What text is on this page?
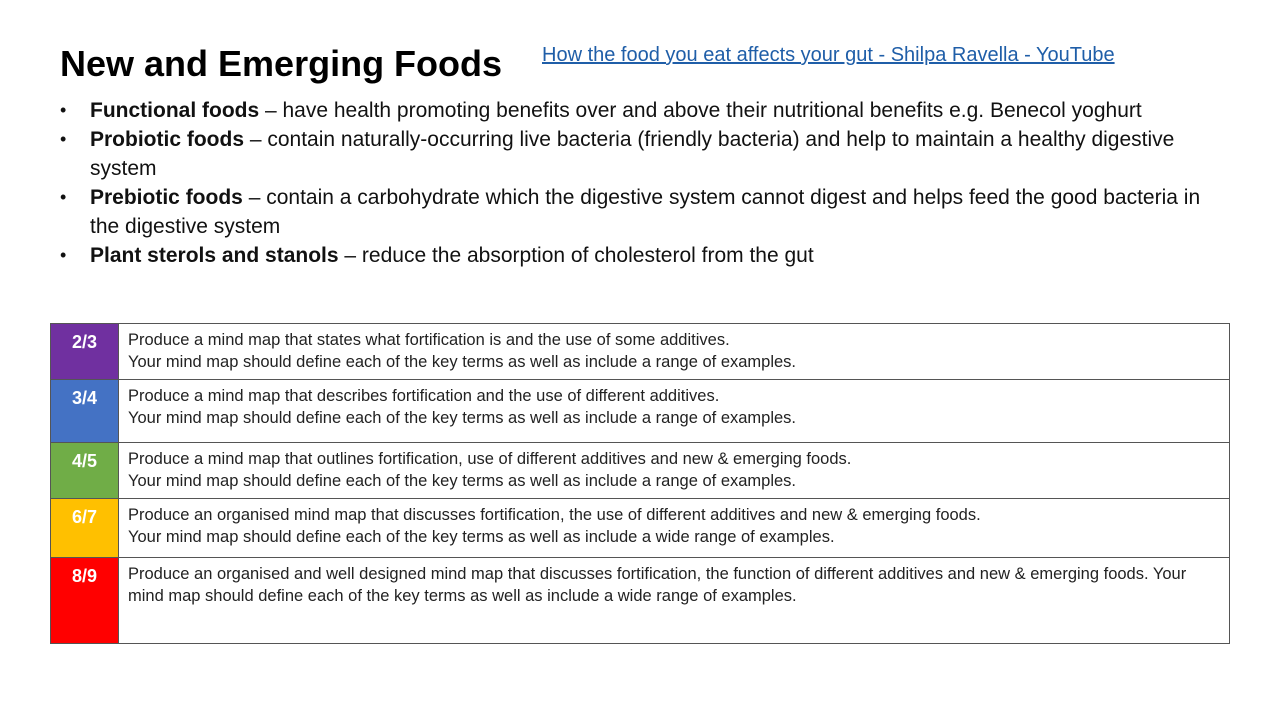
New and Emerging Foods How the food you eat affects your gut - Shilpa Ravella - YouTube
• Functional foods – have health promoting benefits over and above their nutritional benefits e.g. Benecol yoghurt
• Probiotic foods – contain naturally-occurring live bacteria (friendly bacteria) and help to maintain a healthy digestive system
• Prebiotic foods – contain a carbohydrate which the digestive system cannot digest and helps feed the good bacteria in the digestive system
• Plant sterols and stanols – reduce the absorption of cholesterol from the gut
2/3	Produce a mind map that states what fortification is and the use of some additives.
Your mind map should define each of the key terms as well as include a range of examples.

3/4	Produce a mind map that describes fortification and the use of different additives.
Your mind map should define each of the key terms as well as include a range of examples.

4/5	Produce a mind map that outlines fortification, use of different additives and new & emerging foods.
Your mind map should define each of the key terms as well as include a range of examples.

6/7	Produce an organised mind map that discusses fortification, the use of different additives and new & emerging foods.
Your mind map should define each of the key terms as well as include a wide range of examples.

8/9	Produce an organised and well designed mind map that discusses fortification, the function of different additives and new & emerging foods. Your mind map should define each of the key terms as well as include a wide range of examples.
